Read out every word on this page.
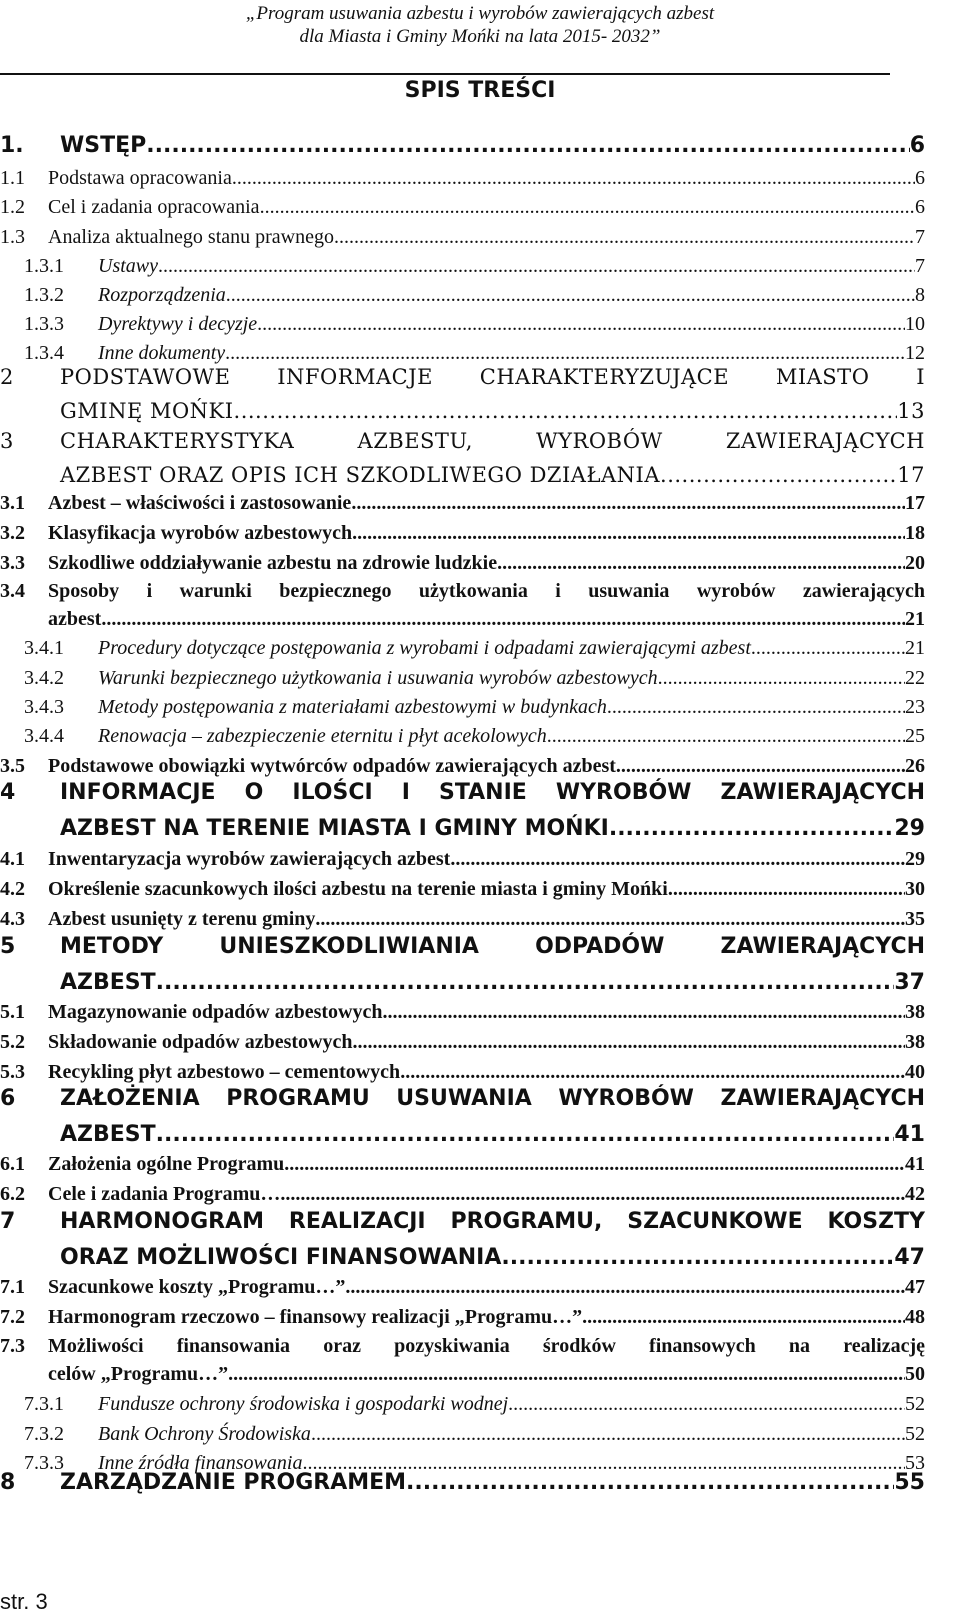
„Program usuwania azbestu i wyrobów zawierających azbest
dla Miasta i Gminy Mońki na lata 2015- 2032”
SPIS TREŚCI
1.	WSTĘP .....	6
1.1	Podstawa opracowania .....	6
1.2	Cel i zadania opracowania .....	6
1.3	Analiza aktualnego stanu prawnego .....	7
1.3.1	Ustawy .....	7
1.3.2	Rozporządzenia .....	8
1.3.3	Dyrektywy i decyzje .....	10
1.3.4	Inne dokumenty .....	12
2	PODSTAWOWE INFORMACJE CHARAKTERYZUJĄCE MIASTO I
GMINĘ MOŃKI .....	13
3	CHARAKTERYSTYKA AZBESTU, WYROBÓW ZAWIERAJĄCYCH
AZBEST ORAZ OPIS ICH SZKODLIWEGO DZIAŁANIA .....	17
3.1	Azbest – właściwości i zastosowanie .....	17
3.2	Klasyfikacja wyrobów azbestowych .....	18
3.3	Szkodliwe oddziaływanie azbestu na zdrowie ludzkie .....	20
3.4	Sposoby i warunki bezpiecznego użytkowania i usuwania wyrobów zawierających
azbest .....	21
3.4.1	Procedury dotyczące postępowania z wyrobami i odpadami zawierającymi azbest .....	21
3.4.2	Warunki bezpiecznego użytkowania i usuwania wyrobów azbestowych .....	22
3.4.3	Metody postępowania z materiałami azbestowymi w budynkach .....	23
3.4.4	Renowacja – zabezpieczenie eternitu i płyt acekolowych .....	25
3.5	Podstawowe obowiązki wytwórców odpadów zawierających azbest .....	26
4	INFORMACJE O ILOŚCI I STANIE WYROBÓW ZAWIERAJĄCYCH
AZBEST NA TERENIE MIASTA I GMINY MOŃKI .....	29
4.1	Inwentaryzacja wyrobów zawierających azbest .....	29
4.2	Określenie szacunkowych ilości azbestu na terenie miasta i gminy Mońki .....	30
4.3	Azbest usunięty z terenu gminy .....	35
5	METODY UNIESZKODLIWIANIA ODPADÓW ZAWIERAJĄCYCH
AZBEST .....	37
5.1	Magazynowanie odpadów azbestowych .....	38
5.2	Składowanie odpadów azbestowych .....	38
5.3	Recykling płyt azbestowo – cementowych .....	40
6	ZAŁOŻENIA PROGRAMU USUWANIA WYROBÓW ZAWIERAJĄCYCH
AZBEST .....	41
6.1	Założenia ogólne Programu .....	41
6.2	Cele i zadania Programu… .....	42
7	HARMONOGRAM REALIZACJI PROGRAMU, SZACUNKOWE KOSZTY
ORAZ MOŻLIWOŚCI FINANSOWANIA .....	47
7.1	Szacunkowe koszty „Programu…” .....	47
7.2	Harmonogram rzeczowo – finansowy realizacji „Programu…” .....	48
7.3	Możliwości finansowania oraz pozyskiwania środków finansowych na realizację
celów „Programu…” .....	50
7.3.1	Fundusze ochrony środowiska i gospodarki wodnej .....	52
7.3.2	Bank Ochrony Środowiska .....	52
7.3.3	Inne źródła finansowania .....	53
8	ZARZĄDZANIE PROGRAMEM .....	55
str. 3
